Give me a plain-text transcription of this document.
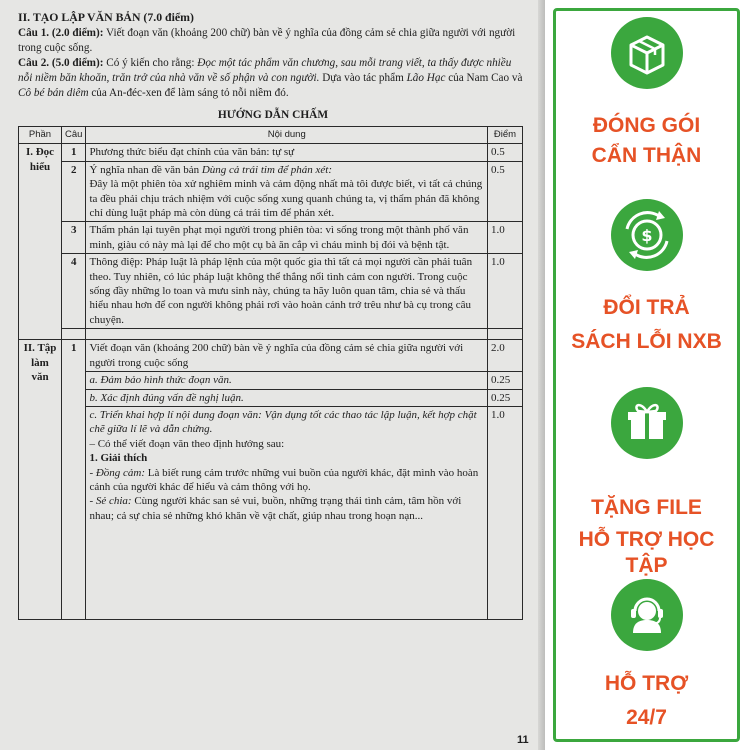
II. TẠO LẬP VĂN BẢN (7.0 điểm)

Câu 1. (2.0 điểm): Viết đoạn văn (khoảng 200 chữ) bàn về ý nghĩa của đồng cảm sẻ chia giữa người với người trong cuộc sống.

Câu 2. (5.0 điểm): Có ý kiến cho rằng: Đọc một tác phẩm văn chương, sau mỗi trang viết, ta thấy được nhiều nỗi niềm băn khoăn, trăn trở của nhà văn về số phận và con người. Dựa vào tác phẩm Lão Hạc của Nam Cao và Cô bé bán diêm của An-đéc-xen để làm sáng tỏ nỗi niềm đó.

HƯỚNG DẪN CHẤM
Phần	Câu	Nội dung	Điểm
I. Đọc hiểu	1	Phương thức biểu đạt chính của văn bản: tự sự	0.5
	2	Ý nghĩa nhan đề văn bản Dùng cả trái tim để phán xét:
Đây là một phiên tòa xử nghiêm minh và cảm động nhất mà tôi được biết, vì tất cả chúng ta đều phải chịu trách nhiệm với cuộc sống xung quanh chúng ta, vị thẩm phán đã không chỉ dùng luật pháp mà còn dùng cả trái tim để phán xét.	0.5
	3	Thẩm phán lại tuyên phạt mọi người trong phiên tòa: vì sống trong một thành phố văn minh, giàu có này mà lại để cho một cụ bà ăn cắp vì cháu mình bị đói và bệnh tật.	1.0
	4	Thông điệp: Pháp luật là pháp lệnh của một quốc gia thì tất cả mọi người cần phải tuân theo. Tuy nhiên, có lúc pháp luật không thể thắng nổi tình cảm con người. Trong cuộc sống đầy những lo toan và mưu sinh này, chúng ta hãy luôn quan tâm, chia sẻ và thấu hiểu nhau hơn để con người không phải rơi vào hoàn cảnh trớ trêu như bà cụ trong câu chuyện.	1.0

II. Tập làm văn	1	Viết đoạn văn (khoảng 200 chữ) bàn về ý nghĩa của đồng cảm sẻ chia giữa người với người trong cuộc sống	2.0
		a. Đảm bảo hình thức đoạn văn.	0.25
		b. Xác định đúng vấn đề nghị luận.	0.25
		c. Triển khai hợp lí nội dung đoạn văn: Vận dụng tốt các thao tác lập luận, kết hợp chặt chẽ giữa lí lẽ và dẫn chứng.
– Có thể viết đoạn văn theo định hướng sau:
1. Giải thích
- Đồng cảm: Là biết rung cảm trước những vui buồn của người khác, đặt mình vào hoàn cảnh của người khác để hiểu và cảm thông với họ.
- Sẻ chia: Cùng người khác san sẻ vui, buồn, những trạng thái tình cảm, tâm hồn với nhau; cả sự chia sẻ những khó khăn về vật chất, giúp nhau trong hoạn nạn...	1.0
11
ĐÓNG GÓI
CẨN THẬN
$
ĐỔI TRẢ
SÁCH LỖI NXB
TẶNG FILE
HỖ TRỢ HỌC TẬP
HỖ TRỢ
24/7
